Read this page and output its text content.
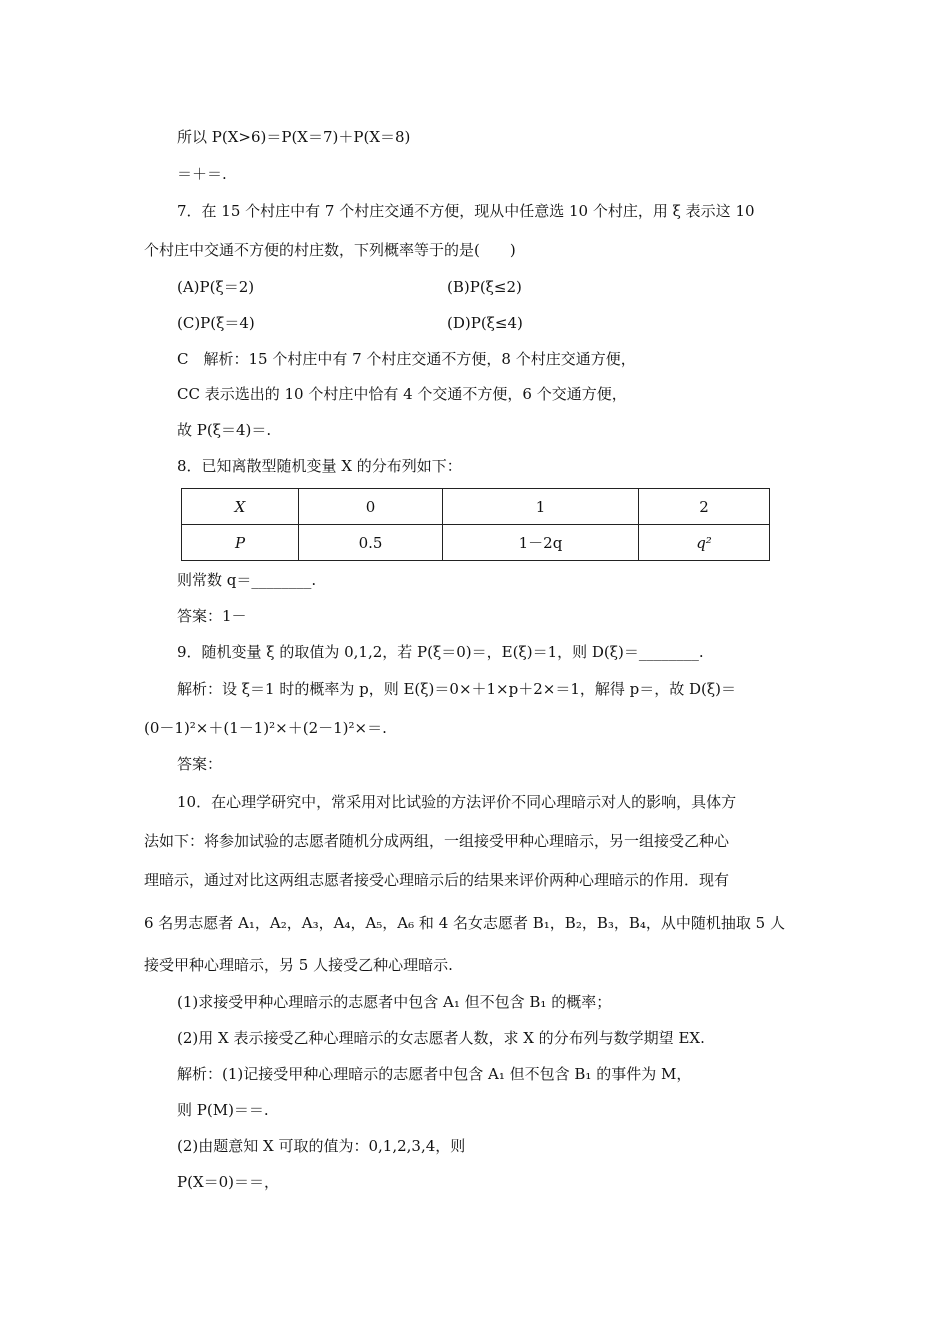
所以 P(X>6)＝P(X＝7)＋P(X＝8)
＝＋＝.
7．在 15 个村庄中有 7 个村庄交通不方便，现从中任意选 10 个村庄，用 ξ 表示这 10
个村庄中交通不方便的村庄数，下列概率等于的是(　　)
(A)P(ξ＝2)	(B)P(ξ≤2)
(C)P(ξ＝4)	(D)P(ξ≤4)
C　解析：15 个村庄中有 7 个村庄交通不方便，8 个村庄交通方便，
CC 表示选出的 10 个村庄中恰有 4 个交通不方便，6 个交通方便，
故 P(ξ＝4)＝.
8．已知离散型随机变量 X 的分布列如下：
X	0	1	2
P	0.5	1－2q	q²
则常数 q＝________.
答案：1－
9．随机变量 ξ 的取值为 0,1,2，若 P(ξ＝0)＝，E(ξ)＝1，则 D(ξ)＝________.
解析：设 ξ＝1 时的概率为 p，则 E(ξ)＝0×＋1×p＋2×＝1，解得 p＝，故 D(ξ)＝
(0－1)²×＋(1－1)²×＋(2－1)²×＝.
答案：
10．在心理学研究中，常采用对比试验的方法评价不同心理暗示对人的影响，具体方
法如下：将参加试验的志愿者随机分成两组，一组接受甲种心理暗示，另一组接受乙种心
理暗示，通过对比这两组志愿者接受心理暗示后的结果来评价两种心理暗示的作用．现有
6 名男志愿者 A₁，A₂，A₃，A₄，A₅，A₆ 和 4 名女志愿者 B₁，B₂，B₃，B₄，从中随机抽取 5 人
接受甲种心理暗示，另 5 人接受乙种心理暗示.
(1)求接受甲种心理暗示的志愿者中包含 A₁ 但不包含 B₁ 的概率；
(2)用 X 表示接受乙种心理暗示的女志愿者人数，求 X 的分布列与数学期望 EX.
解析：(1)记接受甲种心理暗示的志愿者中包含 A₁ 但不包含 B₁ 的事件为 M，
则 P(M)＝＝.
(2)由题意知 X 可取的值为：0,1,2,3,4，则
P(X＝0)＝＝，
